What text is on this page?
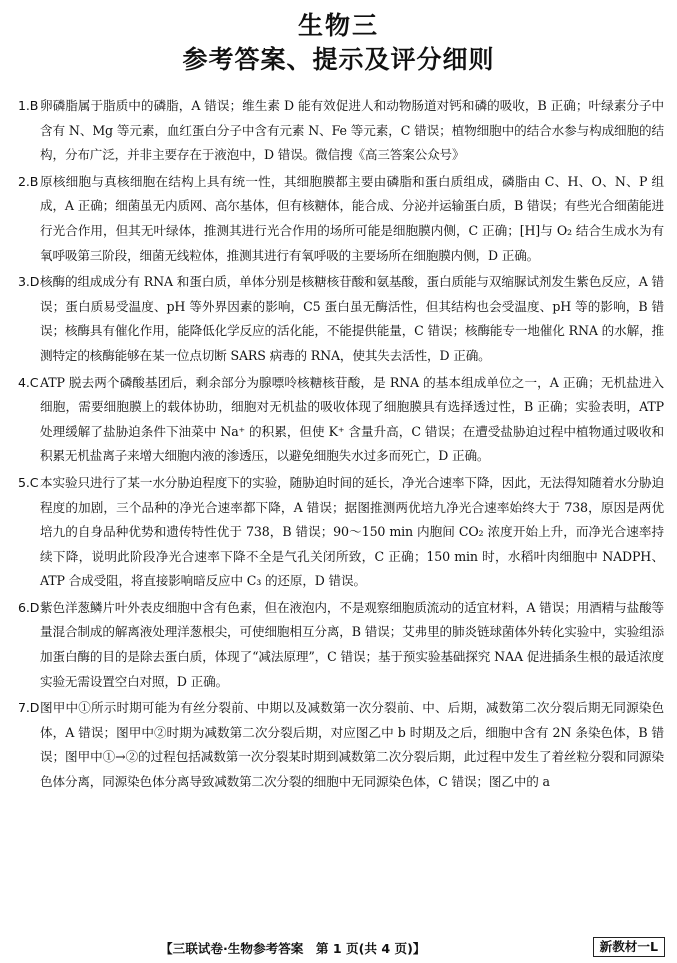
生物三
参考答案、提示及评分细则
1.B 卵磷脂属于脂质中的磷脂，A 错误；维生素 D 能有效促进人和动物肠道对钙和磷的吸收，B 正确；叶绿素分子中含有 N、Mg 等元素，血红蛋白分子中含有元素 N、Fe 等元素，C 错误；植物细胞中的结合水参与构成细胞的结构，分布广泛，并非主要存在于液泡中，D 错误。微信搜《高三答案公众号》
2.B 原核细胞与真核细胞在结构上具有统一性，其细胞膜都主要由磷脂和蛋白质组成，磷脂由 C、H、O、N、P 组成，A 正确；细菌虽无内质网、高尔基体，但有核糖体，能合成、分泌并运输蛋白质，B 错误；有些光合细菌能进行光合作用，但其无叶绿体，推测其进行光合作用的场所可能是细胞膜内侧，C 正确；[H]与 O₂ 结合生成水为有氧呼吸第三阶段，细菌无线粒体，推测其进行有氧呼吸的主要场所在细胞膜内侧，D 正确。
3.D 核酶的组成成分有 RNA 和蛋白质，单体分别是核糖核苷酸和氨基酸，蛋白质能与双缩脲试剂发生紫色反应，A 错误；蛋白质易受温度、pH 等外界因素的影响，C5 蛋白虽无酶活性，但其结构也会受温度、pH 等的影响，B 错误；核酶具有催化作用，能降低化学反应的活化能，不能提供能量，C 错误；核酶能专一地催化 RNA 的水解，推测特定的核酶能够在某一位点切断 SARS 病毒的 RNA，使其失去活性，D 正确。
4.C ATP 脱去两个磷酸基团后，剩余部分为腺嘌呤核糖核苷酸，是 RNA 的基本组成单位之一，A 正确；无机盐进入细胞，需要细胞膜上的载体协助，细胞对无机盐的吸收体现了细胞膜具有选择透过性，B 正确；实验表明，ATP 处理缓解了盐胁迫条件下油菜中 Na⁺ 的积累，但使 K⁺ 含量升高，C 错误；在遭受盐胁迫过程中植物通过吸收和积累无机盐离子来增大细胞内液的渗透压，以避免细胞失水过多而死亡，D 正确。
5.C 本实验只进行了某一水分胁迫程度下的实验，随胁迫时间的延长，净光合速率下降，因此，无法得知随着水分胁迫程度的加剧，三个品种的净光合速率都下降，A 错误；据图推测两优培九净光合速率始终大于 738，原因是两优培九的自身品种优势和遗传特性优于 738，B 错误；90～150 min 内胞间 CO₂ 浓度开始上升，而净光合速率持续下降，说明此阶段净光合速率下降不全是气孔关闭所致，C 正确；150 min 时，水稻叶肉细胞中 NADPH、ATP 合成受阻，将直接影响暗反应中 C₃ 的还原，D 错误。
6.D 紫色洋葱鳞片叶外表皮细胞中含有色素，但在液泡内，不是观察细胞质流动的适宜材料，A 错误；用酒精与盐酸等量混合制成的解离液处理洋葱根尖，可使细胞相互分离，B 错误；艾弗里的肺炎链球菌体外转化实验中，实验组添加蛋白酶的目的是除去蛋白质，体现了“减法原理”，C 错误；基于预实验基础探究 NAA 促进插条生根的最适浓度实验无需设置空白对照，D 正确。
7.D 图甲中①所示时期可能为有丝分裂前、中期以及减数第一次分裂前、中、后期，减数第二次分裂后期无同源染色体，A 错误；图甲中②时期为减数第二次分裂后期，对应图乙中 b 时期及之后，细胞中含有 2N 条染色体，B 错误；图甲中①→②的过程包括减数第一次分裂某时期到减数第二次分裂后期，此过程中发生了着丝粒分裂和同源染色体分离，同源染色体分离导致减数第二次分裂的细胞中无同源染色体，C 错误；图乙中的 a
【三联试卷·生物参考答案　第 1 页(共 4 页)】	新教材一L
